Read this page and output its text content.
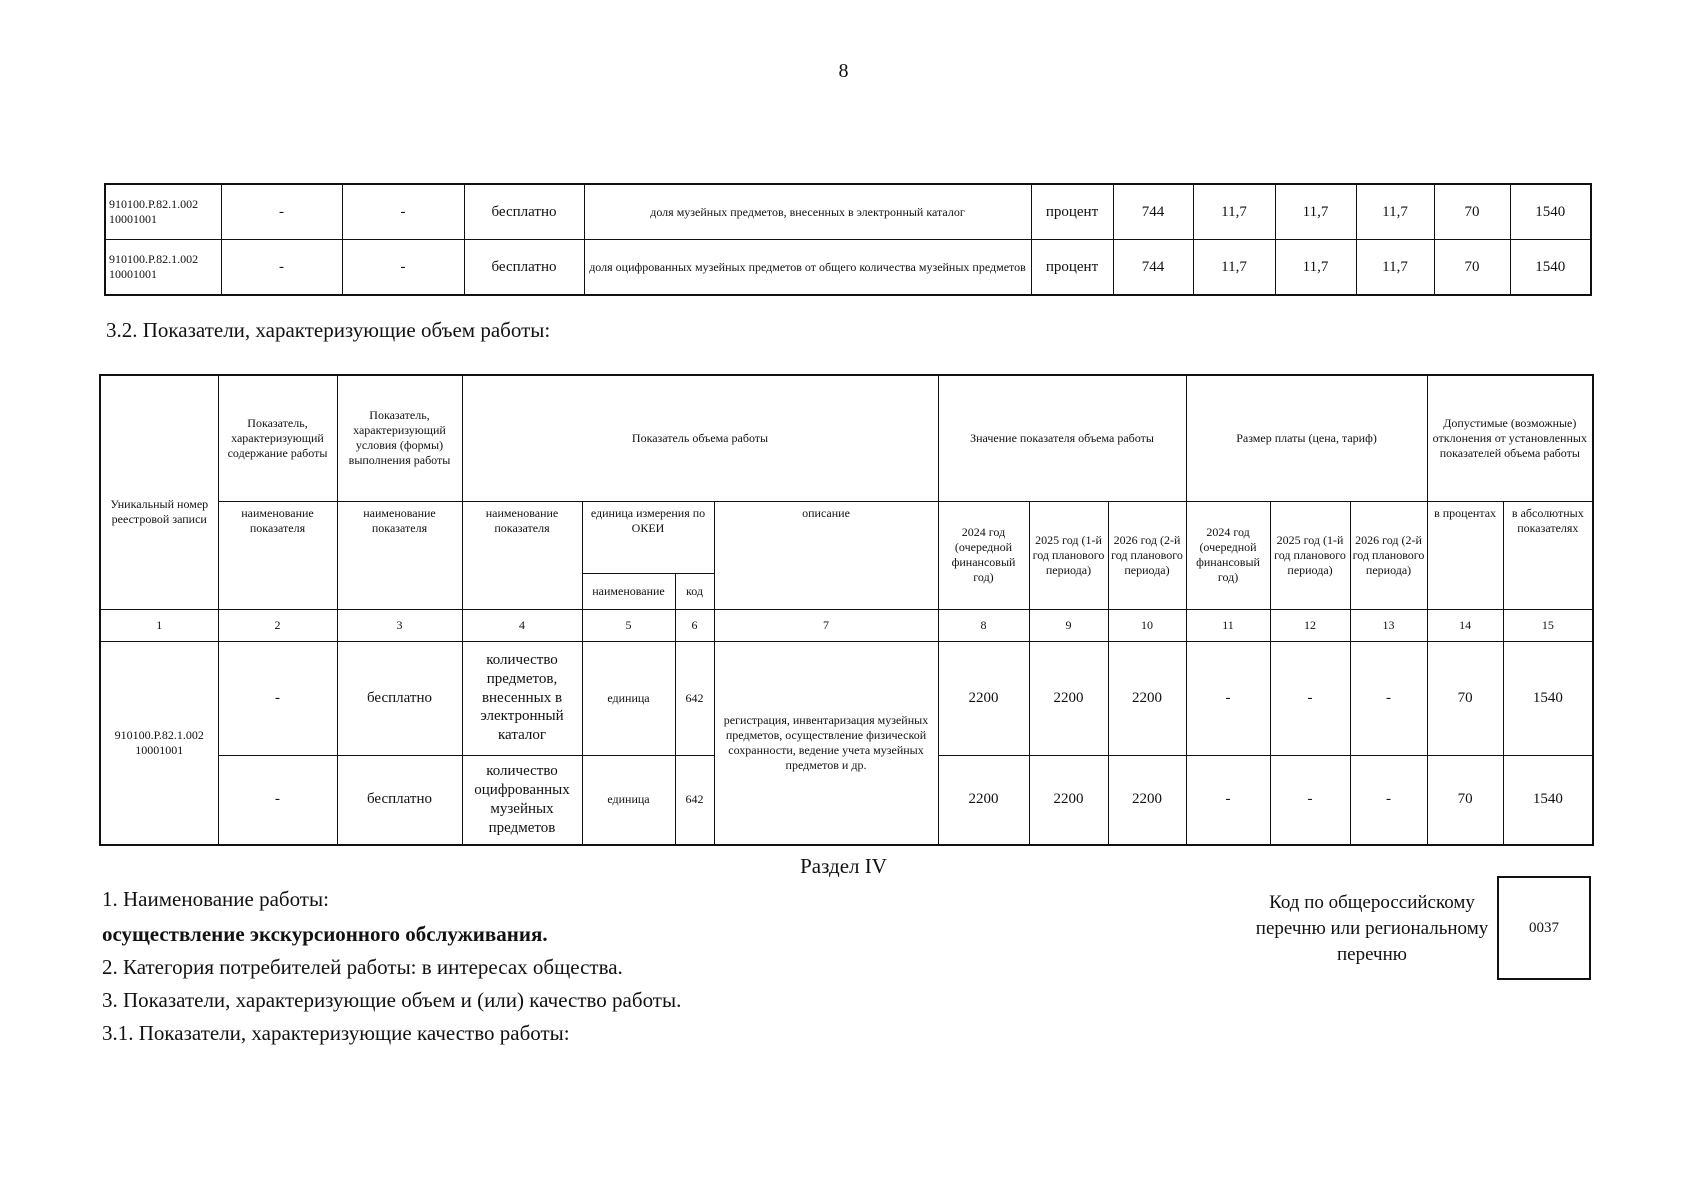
8
910100.Р.82.1.002 10001001	-	-	бесплатно	доля музейных предметов, внесенных в электронный каталог	процент	744	11,7	11,7	11,7	70	1540
910100.Р.82.1.002 10001001	-	-	бесплатно	доля оцифрованных музейных предметов от общего количества музейных предметов	процент	744	11,7	11,7	11,7	70	1540
3.2. Показатели, характеризующие объем работы:
Уникальный номер реестровой записи	Показатель, характеризующий содержание работы	Показатель, характеризующий условия (формы) выполнения работы	Показатель объема работы				Значение показателя объема работы			Размер платы (цена, тариф)			Допустимые (возможные) отклонения от установленных показателей объема работы	
	наименование показателя	наименование показателя	наименование показателя	единица измерения по ОКЕИ		описание	2024 год (очередной финансовый год)	2025 год (1-й год планового периода)	2026 год (2-й год планового периода)	2024 год (очередной финансовый год)	2025 год (1-й год планового периода)	2026 год (2-й год планового периода)	в процентах	в абсолютных показателях
				наименование	код									
1	2	3	4	5	6	7	8	9	10	11	12	13	14	15
910100.Р.82.1.002 10001001	-	бесплатно	количество предметов, внесенных в электронный каталог	единица	642	регистрация, инвентаризация музейных предметов, осуществление физической сохранности, ведение учета музейных предметов и др.	2200	2200	2200	-	-	-	70	1540
	-	бесплатно	количество оцифрованных музейных предметов	единица	642		2200	2200	2200	-	-	-	70	1540
Раздел IV
1. Наименование работы:
осуществление экскурсионного обслуживания.
2. Категория потребителей работы: в интересах общества.
3. Показатели, характеризующие объем и (или) качество работы.
3.1. Показатели, характеризующие качество работы:
Код по общероссийскому перечню или региональному перечню
0037
